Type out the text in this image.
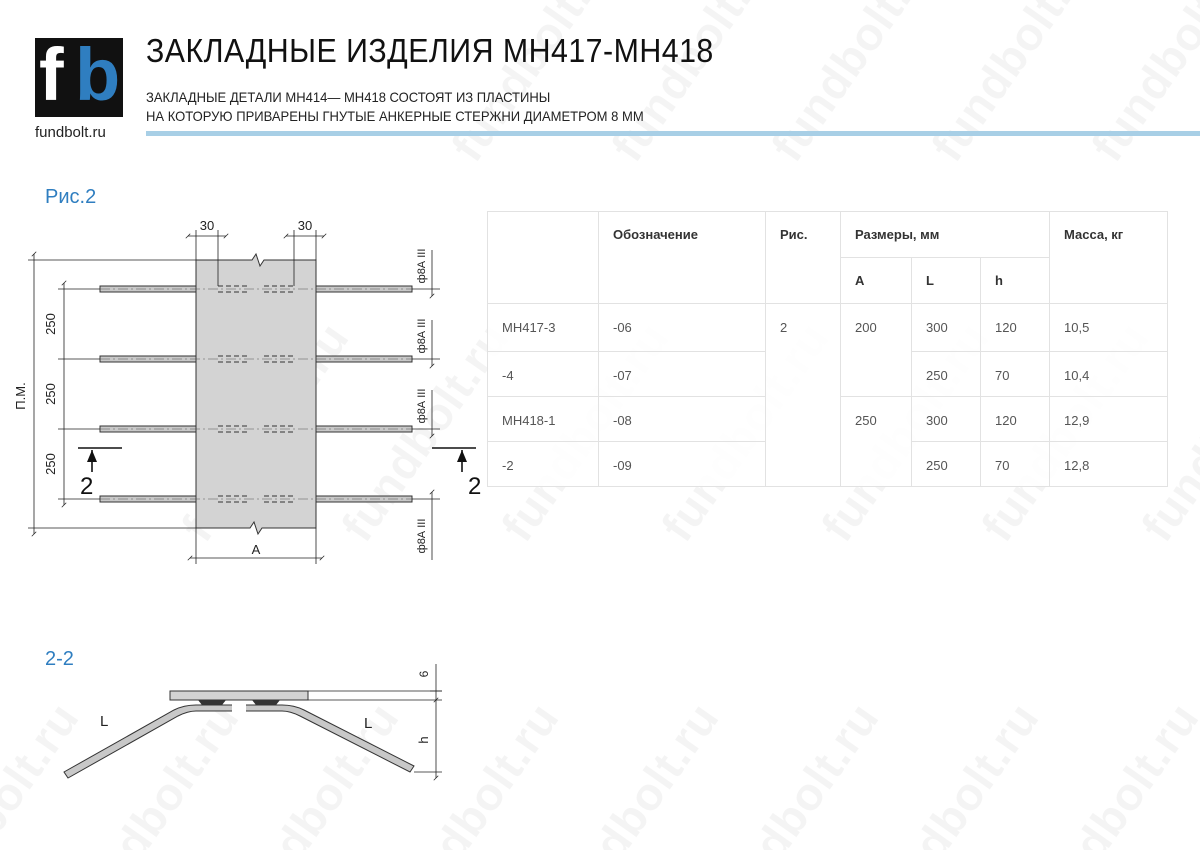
f b
fundbolt.ru
ЗАКЛАДНЫЕ ИЗДЕЛИЯ МН417-МН418
ЗАКЛАДНЫЕ ДЕТАЛИ МН414— МН418 СОСТОЯТ ИЗ ПЛАСТИНЫ
НА КОТОРУЮ ПРИВАРЕНЫ ГНУТЫЕ АНКЕРНЫЕ СТЕРЖНИ ДИАМЕТРОМ 8 ММ
Рис.2
30	30
П.М.
250
250
250
A
ф8А III
ф8А III
ф8А III
ф8А III
2	2
2-2
6
h
L	L
	Обозначение	Рис.	Размеры, мм			Масса, кг
			A	L	h	
МН417-3	-06	2	200	300	120	10,5
-4	-07			250	70	10,4
МН418-1	-08		250	300	120	12,9
-2	-09			250	70	12,8
